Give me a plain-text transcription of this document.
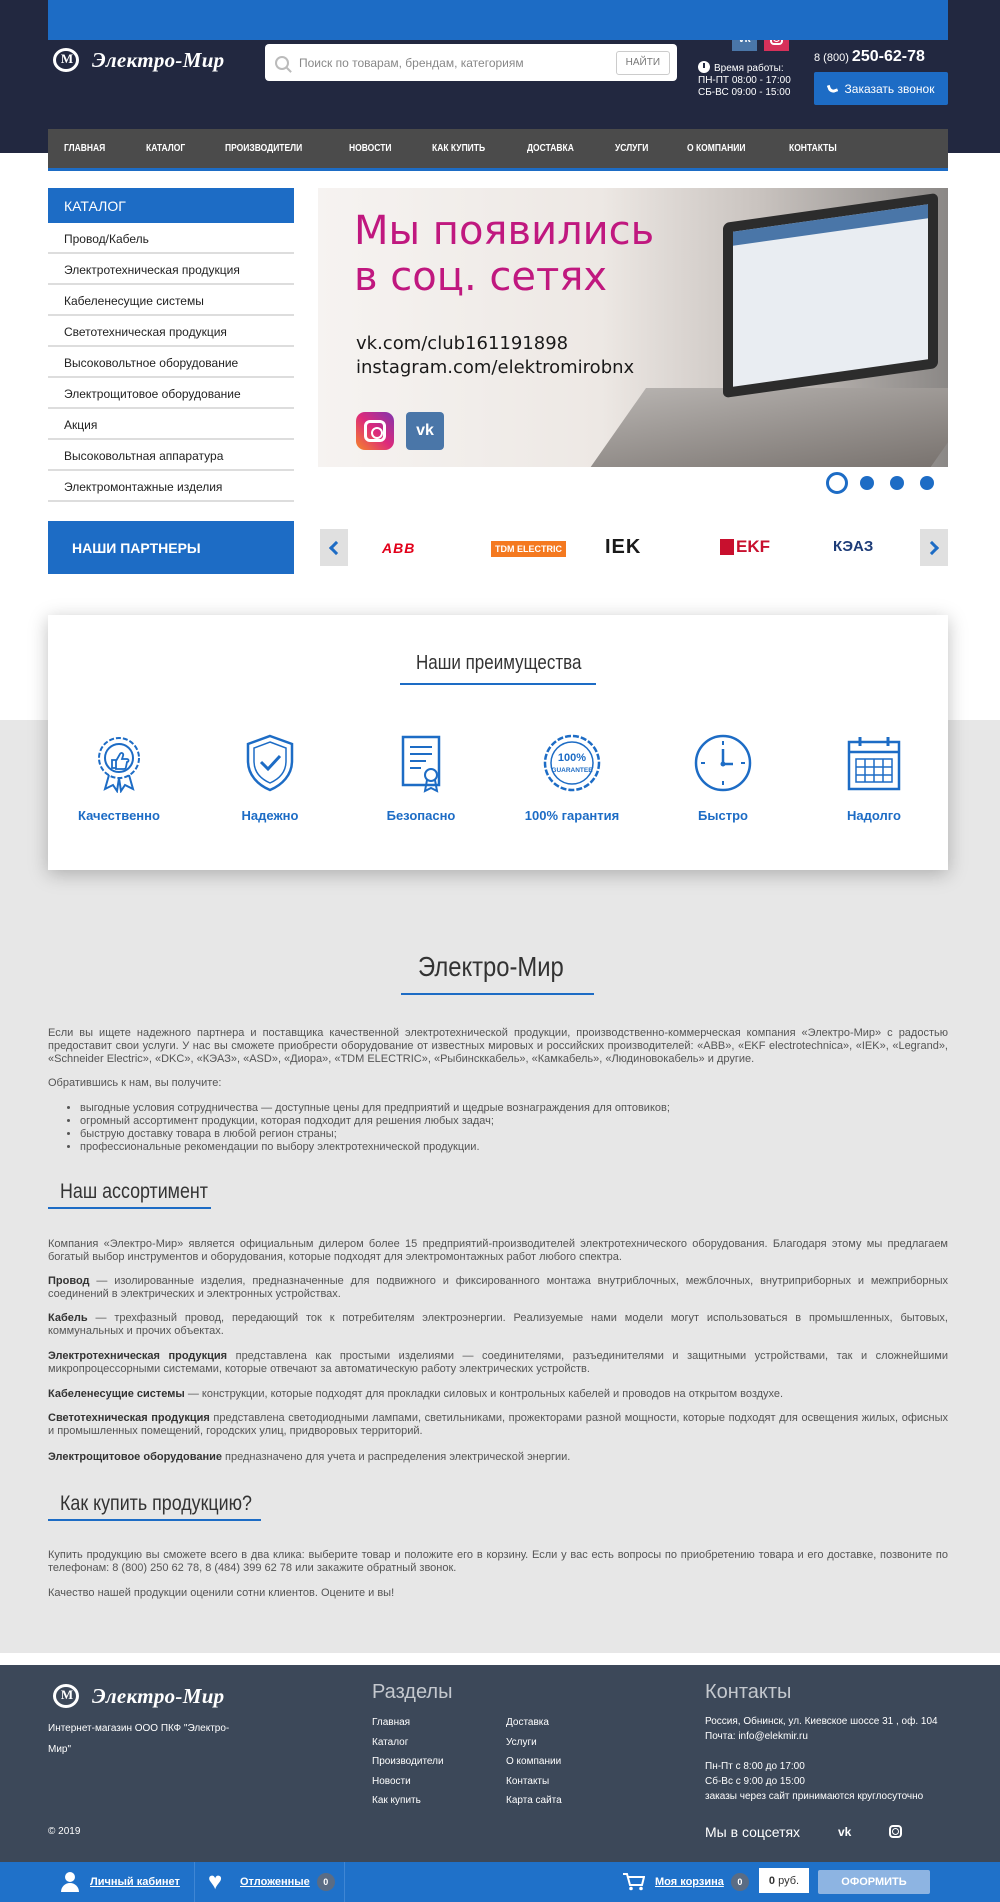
M Электро-Мир
Поиск по товарам, брендам, категориям	НАЙТИ
Время работы:
ПН-ПТ 08:00 - 17:00
СБ-ВС 09:00 - 15:00
8 (800) 250-62-78
Заказать звонок
ГЛАВНАЯ	КАТАЛОГ	ПРОИЗВОДИТЕЛИ	НОВОСТИ	КАК КУПИТЬ	ДОСТАВКА	УСЛУГИ	О КОМПАНИИ	КОНТАКТЫ
КАТАЛОГ
Провод/Кабель
Электротехническая продукция
Кабеленесущие системы
Светотехническая продукция
Высоковольтное оборудование
Электрощитовое оборудование
Акция
Высоковольтная аппаратура
Электромонтажные изделия
НАШИ ПАРТНЕРЫ
Мы появились
в соц. сетях
vk.com/club161191898
instagram.com/elektromirobnx
vk
ABB	TDM ELECTRIC IEK	EKF	КЭАЗ
Наши преимущества
Качественно	Надежно	Безопасно
100%
GUARANTEE
100% гарантия	Быстро	Надолго
Электро-Мир
Если вы ищете надежного партнера и поставщика качественной электротехнической продукции, производственно-коммерческая компания «Электро-Мир» с радостью предоставит свои услуги. У нас вы сможете приобрести оборудование от известных мировых и российских производителей: «ABB», «EKF electrotechnica», «IEK», «Legrand», «Schneider Electric», «DKC», «КЭАЗ», «ASD», «Диора», «TDM ELECTRIC», «Рыбинсккабель», «Камкабель», «Людиновокабель» и другие.
Обратившись к нам, вы получите:
• выгодные условия сотрудничества — доступные цены для предприятий и щедрые вознаграждения для оптовиков;
• огромный ассортимент продукции, которая подходит для решения любых задач;
• быструю доставку товара в любой регион страны;
• профессиональные рекомендации по выбору электротехнической продукции.
Наш ассортимент
Компания «Электро-Мир» является официальным дилером более 15 предприятий-производителей электротехнического оборудования. Благодаря этому мы предлагаем богатый выбор инструментов и оборудования, которые подходят для электромонтажных работ любого спектра.
Провод — изолированные изделия, предназначенные для подвижного и фиксированного монтажа внутриблочных, межблочных, внутриприборных и межприборных соединений в электрических и электронных устройствах.
Кабель — трехфазный провод, передающий ток к потребителям электроэнергии. Реализуемые нами модели могут использоваться в промышленных, бытовых, коммунальных и прочих объектах.
Электротехническая продукция представлена как простыми изделиями — соединителями, разъединителями и защитными устройствами, так и сложнейшими микропроцессорными системами, которые отвечают за автоматическую работу электрических устройств.
Кабеленесущие системы — конструкции, которые подходят для прокладки силовых и контрольных кабелей и проводов на открытом воздухе.
Светотехническая продукция представлена светодиодными лампами, светильниками, прожекторами разной мощности, которые подходят для освещения жилых, офисных и промышленных помещений, городских улиц, придворовых территорий.
Электрощитовое оборудование предназначено для учета и распределения электрической энергии.
Как купить продукцию?
Купить продукцию вы сможете всего в два клика: выберите товар и положите его в корзину. Если у вас есть вопросы по приобретению товара и его доставке, позвоните по телефонам: 8 (800) 250 62 78, 8 (484) 399 62 78 или закажите обратный звонок.
Качество нашей продукции оценили сотни клиентов. Оцените и вы!
M Электро-Мир
Интернет-магазин ООО ПКФ "Электро-
Мир"
© 2019
Разделы
Главная
Каталог
Производители
Новости
Как купить
Доставка
Услуги
О компании
Контакты
Карта сайта
Контакты
Россия, Обнинск, ул. Киевское шоссе 31 , оф. 104
Почта: info@elekmir.ru
Пн-Пт с 8:00 до 17:00
Сб-Вс с 9:00 до 15:00
заказы через сайт принимаются круглосуточно
Мы в соцсетях	vk
Личный кабинет ♥	Отложенные	0	Моя корзина	0	0
руб.	ОФОРМИТЬ
